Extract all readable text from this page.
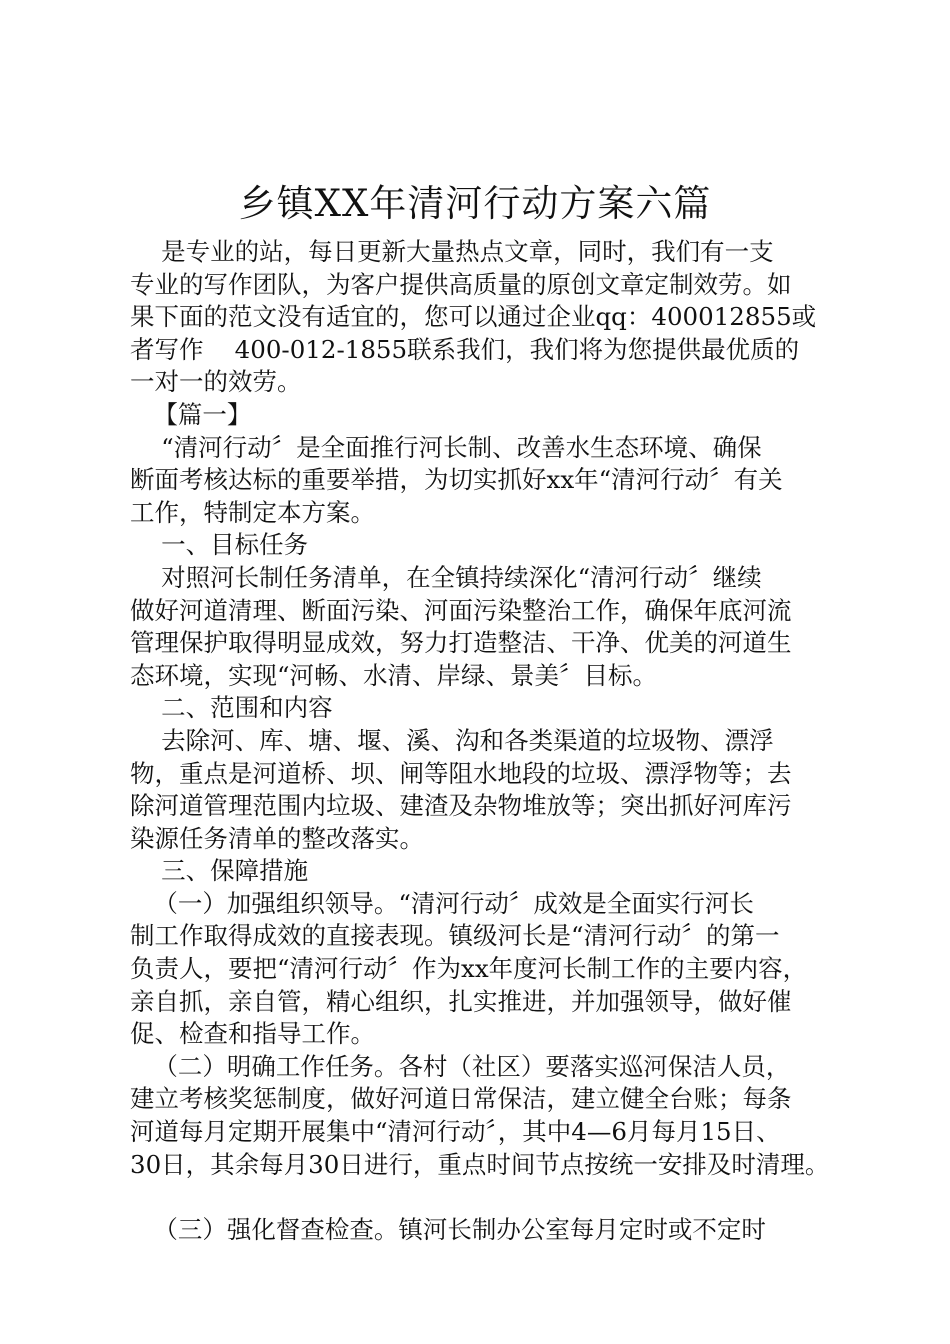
乡镇XX年清河行动方案六篇
是专业的站，每日更新大量热点文章，同时，我们有一支
专业的写作团队，为客户提供高质量的原创文章定制效劳。如
果下面的范文没有适宜的，您可以通过企业qq：400012855或
者写作    400-012-1855联系我们，我们将为您提供最优质的
一对一的效劳。
【篇一】
“清河行动〞是全面推行河长制、改善水生态环境、确保
断面考核达标的重要举措，为切实抓好xx年“清河行动〞有关
工作，特制定本方案。
一、目标任务
对照河长制任务清单，在全镇持续深化“清河行动〞继续
做好河道清理、断面污染、河面污染整治工作，确保年底河流
管理保护取得明显成效，努力打造整洁、干净、优美的河道生
态环境，实现“河畅、水清、岸绿、景美〞目标。
二、范围和内容
去除河、库、塘、堰、溪、沟和各类渠道的垃圾物、漂浮
物，重点是河道桥、坝、闸等阻水地段的垃圾、漂浮物等；去
除河道管理范围内垃圾、建渣及杂物堆放等；突出抓好河库污
染源任务清单的整改落实。
三、保障措施
（一）加强组织领导。“清河行动〞成效是全面实行河长
制工作取得成效的直接表现。镇级河长是“清河行动〞的第一
负责人，要把“清河行动〞作为xx年度河长制工作的主要内容，
亲自抓，亲自管，精心组织，扎实推进，并加强领导，做好催
促、检查和指导工作。
（二）明确工作任务。各村（社区）要落实巡河保洁人员，
建立考核奖惩制度，做好河道日常保洁，建立健全台账；每条
河道每月定期开展集中“清河行动〞，其中4—6月每月15日、
30日，其余每月30日进行，重点时间节点按统一安排及时清理。
（三）强化督查检查。镇河长制办公室每月定时或不定时
